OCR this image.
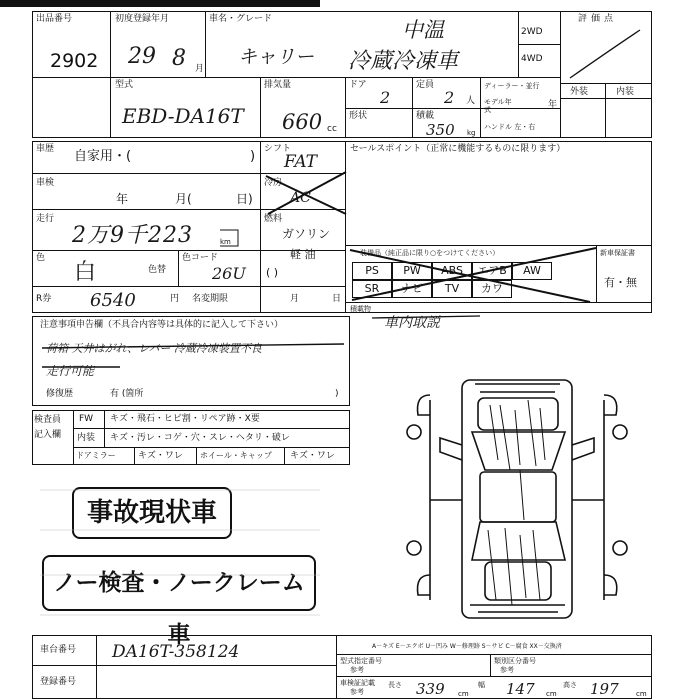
出品番号
2902
初度登録年月
29 8 月
車名・グレード
キャリー
中温
冷蔵冷凍車
2WD
4WD
評価点
外装	内装
型式
EBD-DA16T
排気量
660 cc
ドア
2
定員
2 人
ディーラー・並行
モデル年式	年
形状	積載
350 kg
ハンドル 左・右
車歴 自家用・(	) シフト
FAT
セールスポイント（正常に機能するものに限ります）
車検
年	月(	日)
冷房
AC
走行
2万9千223	km
燃料
ガソリン
軽 油
( )
色
白	色替
色コード
26U
R券 6540	円 名変期限	月	日
装備品（純正品に限り○をつけてください）	新車保証書
有・無
PS	PW	ABS	エアB	AW
SR	ナビ	TV	カワ
積載物
車内取説
注意事項申告欄（不具合内容等は具体的に記入して下さい）
荷箱 天井はがれ、レバー 冷蔵冷凍装置不良
走行可能
修復歴	有 (箇所	)
検査員
記入欄
FW キズ・飛石・ヒビ割・リペア跡・X要
内装 キズ・汚レ・コゲ・穴・スレ・ヘタリ・破レ
ドアミラー キズ・ワレ ホイール・キャップ キズ・ワレ
事故現状車
ノー検査・ノークレーム車
車台番号 DA16T-358124
登録番号
A－キズ E－エクボ U－凹み W－修理跡 S－サビ C－腐食 XX－交換済
型式指定番号
参考
類別区分番号
参考
車検証記載
参考
長さ 339 cm
幅 147 cm
高さ 197 cm
